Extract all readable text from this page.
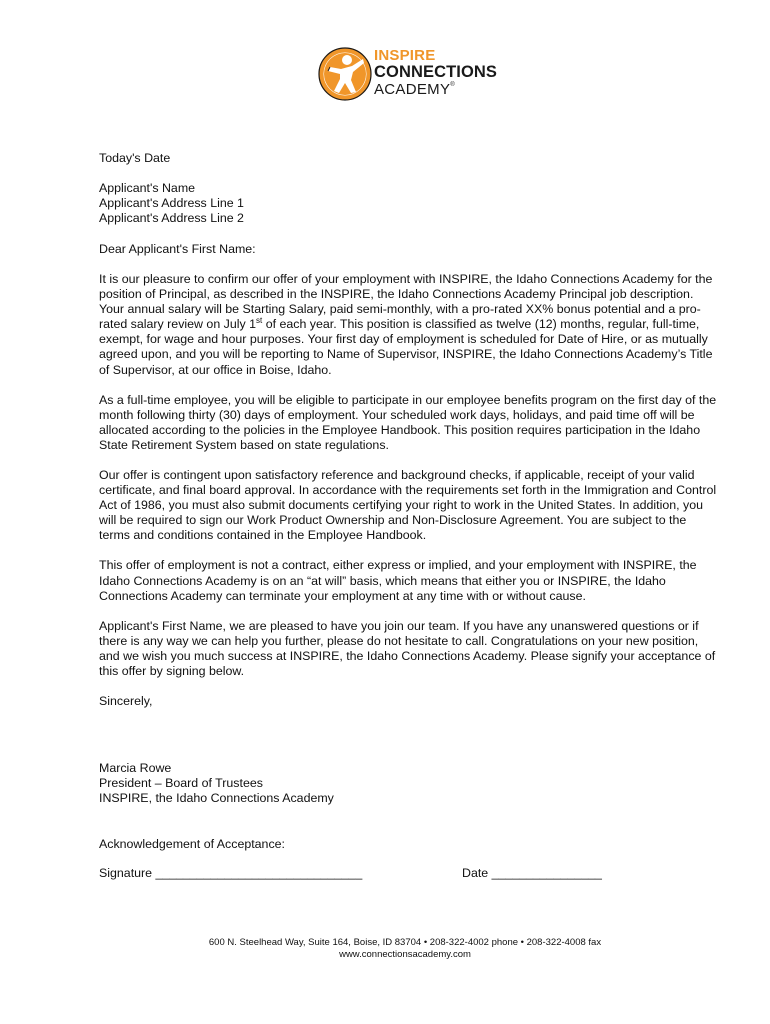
INSPIRE
CONNECTIONS
ACADEMY®

Today's Date

Applicant's Name

Applicant's Address Line 1

Applicant's Address Line 2

Dear Applicant's First Name:

It is our pleasure to confirm our offer of your employment with INSPIRE, the Idaho Connections Academy for the position of Principal, as described in the INSPIRE, the Idaho Connections Academy Principal job description. Your annual salary will be Starting Salary, paid semi-monthly, with a pro-rated XX% bonus potential and a pro-rated salary review on July 1st of each year. This position is classified as twelve (12) months, regular, full-time, exempt, for wage and hour purposes. Your first day of employment is scheduled for Date of Hire, or as mutually agreed upon, and you will be reporting to Name of Supervisor, INSPIRE, the Idaho Connections Academy’s Title of Supervisor, at our office in Boise, Idaho.

As a full-time employee, you will be eligible to participate in our employee benefits program on the first day of the month following thirty (30) days of employment. Your scheduled work days, holidays, and paid time off will be allocated according to the policies in the Employee Handbook. This position requires participation in the Idaho State Retirement System based on state regulations.

Our offer is contingent upon satisfactory reference and background checks, if applicable, receipt of your valid certificate, and final board approval. In accordance with the requirements set forth in the Immigration and Control Act of 1986, you must also submit documents certifying your right to work in the United States. In addition, you will be required to sign our Work Product Ownership and Non-Disclosure Agreement. You are subject to the terms and conditions contained in the Employee Handbook.

This offer of employment is not a contract, either express or implied, and your employment with INSPIRE, the Idaho Connections Academy is on an “at will” basis, which means that either you or INSPIRE, the Idaho Connections Academy can terminate your employment at any time with or without cause.

Applicant's First Name, we are pleased to have you join our team. If you have any unanswered questions or if there is any way we can help you further, please do not hesitate to call. Congratulations on your new position, and we wish you much success at INSPIRE, the Idaho Connections Academy. Please signify your acceptance of this offer by signing below.

Sincerely,

Marcia Rowe

President – Board of Trustees

INSPIRE, the Idaho Connections Academy

Acknowledgement of Acceptance:

Signature ______________________________	Date ________________

600 N. Steelhead Way, Suite 164, Boise, ID 83704 • 208-322-4002 phone • 208-322-4008 fax
www.connectionsacademy.com
